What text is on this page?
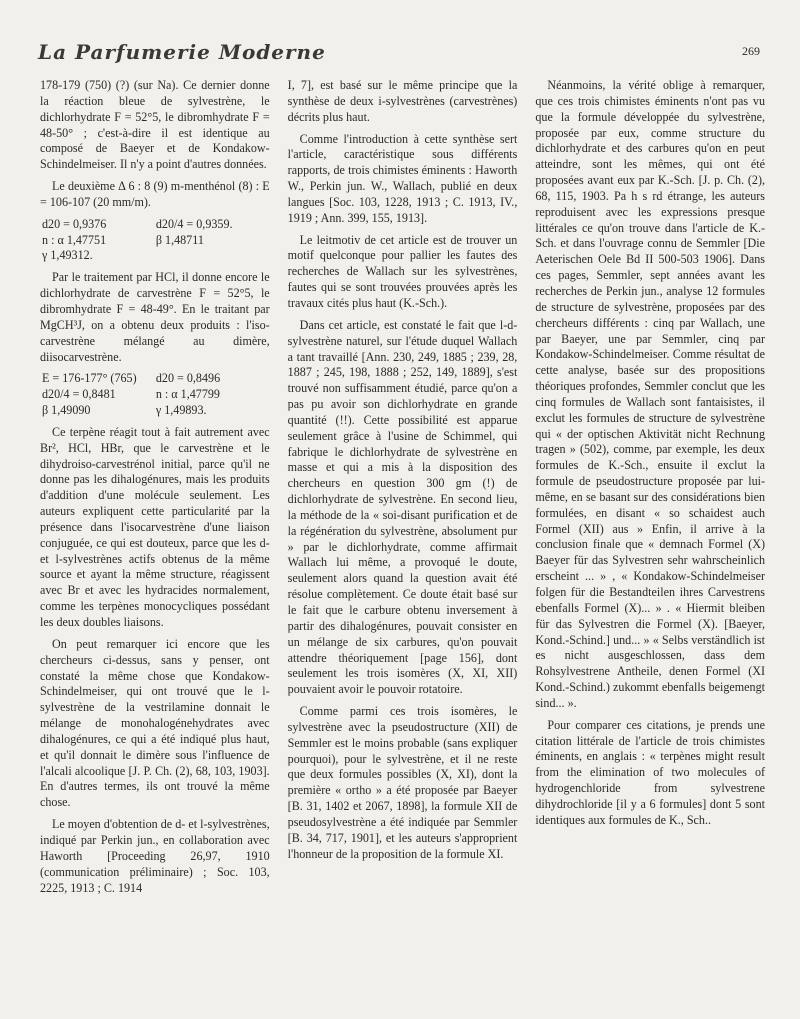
La Parfumerie Moderne	269

178-179 (750) (?) (sur Na). Ce dernier donne la réaction bleue de sylvestrène, le dichlorhydrate F = 52°5, le dibromhydrate F = 48-50° ; c'est-à-dire il est identique au composé de Baeyer et de Kondakow-Schindelmeiser. Il n'y a point d'autres données.

Le deuxième Δ 6 : 8 (9) m-menthénol (8) : E = 106-107 (20 mm/m).

d20 = 0,9376	d20/4 = 0,9359.
n : α 1,47751	β 1,48711
γ 1,49312.

Par le traitement par HCl, il donne encore le dichlorhydrate de carvestrène F = 52°5, le dibromhydrate F = 48-49°. En le traitant par MgCH³J, on a obtenu deux produits : l'iso-carvestrène mélangé au dimère, diisocarvestrène.

E = 176-177° (765)	d20 = 0,8496
d20/4 = 0,8481	n : α 1,47799
β 1,49090	γ 1,49893.

Ce terpène réagit tout à fait autrement avec Br², HCl, HBr, que le carvestrène et le dihydroiso-carvestrénol initial, parce qu'il ne donne pas les dihalogénures, mais les produits d'addition d'une molécule seulement. Les auteurs expliquent cette particularité par la présence dans l'isocarvestrène d'une liaison conjuguée, ce qui est douteux, parce que les d- et l-sylvestrènes actifs obtenus de la même source et ayant la même structure, réagissent avec Br et avec les hydracides normalement, comme les terpènes monocycliques possédant les deux doubles liaisons.

On peut remarquer ici encore que les chercheurs ci-dessus, sans y penser, ont constaté la même chose que Kondakow-Schindelmeiser, qui ont trouvé que le l-sylvestrène de la vestrilamine donnait le mélange de monohalogénehydrates avec dihalogénures, ce qui a été indiqué plus haut, et qu'il donnait le dimère sous l'influence de l'alcali alcoolique [J. P. Ch. (2), 68, 103, 1903]. En d'autres termes, ils ont trouvé la même chose.

Le moyen d'obtention de d- et l-sylvestrènes, indiqué par Perkin jun., en collaboration avec Haworth [Proceeding 26,97, 1910 (communication préliminaire) ; Soc. 103, 2225, 1913 ; C. 1914

I, 7], est basé sur le même principe que la synthèse de deux i-sylvestrènes (carvestrènes) décrits plus haut.

Comme l'introduction à cette synthèse sert l'article, caractéristique sous différents rapports, de trois chimistes éminents : Haworth W., Perkin jun. W., Wallach, publié en deux langues [Soc. 103, 1228, 1913 ; C. 1913, IV., 1919 ; Ann. 399, 155, 1913].

Le leitmotiv de cet article est de trouver un motif quelconque pour pallier les fautes des recherches de Wallach sur les sylvestrènes, fautes qui se sont trouvées prouvées après les travaux cités plus haut (K.-Sch.).

Dans cet article, est constaté le fait que l-d- sylvestrène naturel, sur l'étude duquel Wallach a tant travaillé [Ann. 230, 249, 1885 ; 239, 28, 1887 ; 245, 198, 1888 ; 252, 149, 1889], s'est trouvé non suffisamment étudié, parce qu'on a pas pu avoir son dichlorhydrate en grande quantité (!!). Cette possibilité est apparue seulement grâce à l'usine de Schimmel, qui fabrique le dichlorhydrate de sylvestrène en masse et qui a mis à la disposition des chercheurs en question 300 gm (!) de dichlorhydrate de sylvestrène. En second lieu, la méthode de la « soi-disant purification et de la régénération du sylvestrène, absolument pur » par le dichlorhydrate, comme affirmait Wallach lui même, a provoqué le doute, seulement alors quand la question avait été résolue complètement. Ce doute était basé sur le fait que le carbure obtenu inversement à partir des dihalogénures, pouvait consister en un mélange de six carbures, qu'on pouvait attendre théoriquement [page 156], dont seulement les trois isomères (X, XI, XII) pouvaient avoir le pouvoir rotatoire.

Comme parmi ces trois isomères, le sylvestrène avec la pseudostructure (XII) de Semmler est le moins probable (sans expliquer pourquoi), pour le sylvestrène, et il ne reste que deux formules possibles (X, XI), dont la première « ortho » a été proposée par Baeyer [B. 31, 1402 et 2067, 1898], la formule XII de pseudosylvestrène a été indiquée par Semmler [B. 34, 717, 1901], et les auteurs s'approprient l'honneur de la proposition de la formule XI.

Néanmoins, la vérité oblige à remarquer, que ces trois chimistes éminents n'ont pas vu que la formule développée du sylvestrène, proposée par eux, comme structure du dichlorhydrate et des carbures qu'on en peut atteindre, sont les mêmes, qui ont été proposées avant eux par K.-Sch. [J. p. Ch. (2), 68, 115, 1903. Pa h s rd étrange, les auteurs reproduisent avec les expressions presque littérales ce qu'on trouve dans l'article de K.-Sch. et dans l'ouvrage connu de Semmler [Die Aeterischen Oele Bd II 500-503 1906]. Dans ces pages, Semmler, sept années avant les recherches de Perkin jun., analyse 12 formules de structure de sylvestrène, proposées par des chercheurs différents : cinq par Wallach, une par Baeyer, une par Semmler, cinq par Kondakow-Schindelmeiser. Comme résultat de cette analyse, basée sur des propositions théoriques profondes, Semmler conclut que les cinq formules de Wallach sont fantaisistes, il exclut les formules de structure de sylvestrène qui « der optischen Aktivität nicht Rechnung tragen » (502), comme, par exemple, les deux formules de K.-Sch., ensuite il exclut la formule de pseudostructure proposée par lui-même, en se basant sur des considérations bien formulées, en disant « so schaidest auch Formel (XII) aus » Enfin, il arrive à la conclusion finale que « demnach Formel (X) Baeyer für das Sylvestren sehr wahrscheinlich erscheint ... » , « Kondakow-Schindelmeiser folgen für die Bestandteilen ihres Carvestrens ebenfalls Formel (X)... » . « Hiermit bleiben für das Sylvestren die Formel (X). [Baeyer, Kond.-Schind.] und... » « Selbs verständlich ist es nicht ausgeschlossen, dass dem Rohsylvestrene Antheile, denen Formel (XI Kond.-Schind.) zukommt ebenfalls beigemengt sind... ».

Pour comparer ces citations, je prends une citation littérale de l'article de trois chimistes éminents, en anglais : « terpènes might result from the elimination of two molecules of hydrogenchloride from sylvestrene dihydrochloride [il y a 6 formules] dont 5 sont identiques aux formules de K., Sch..
